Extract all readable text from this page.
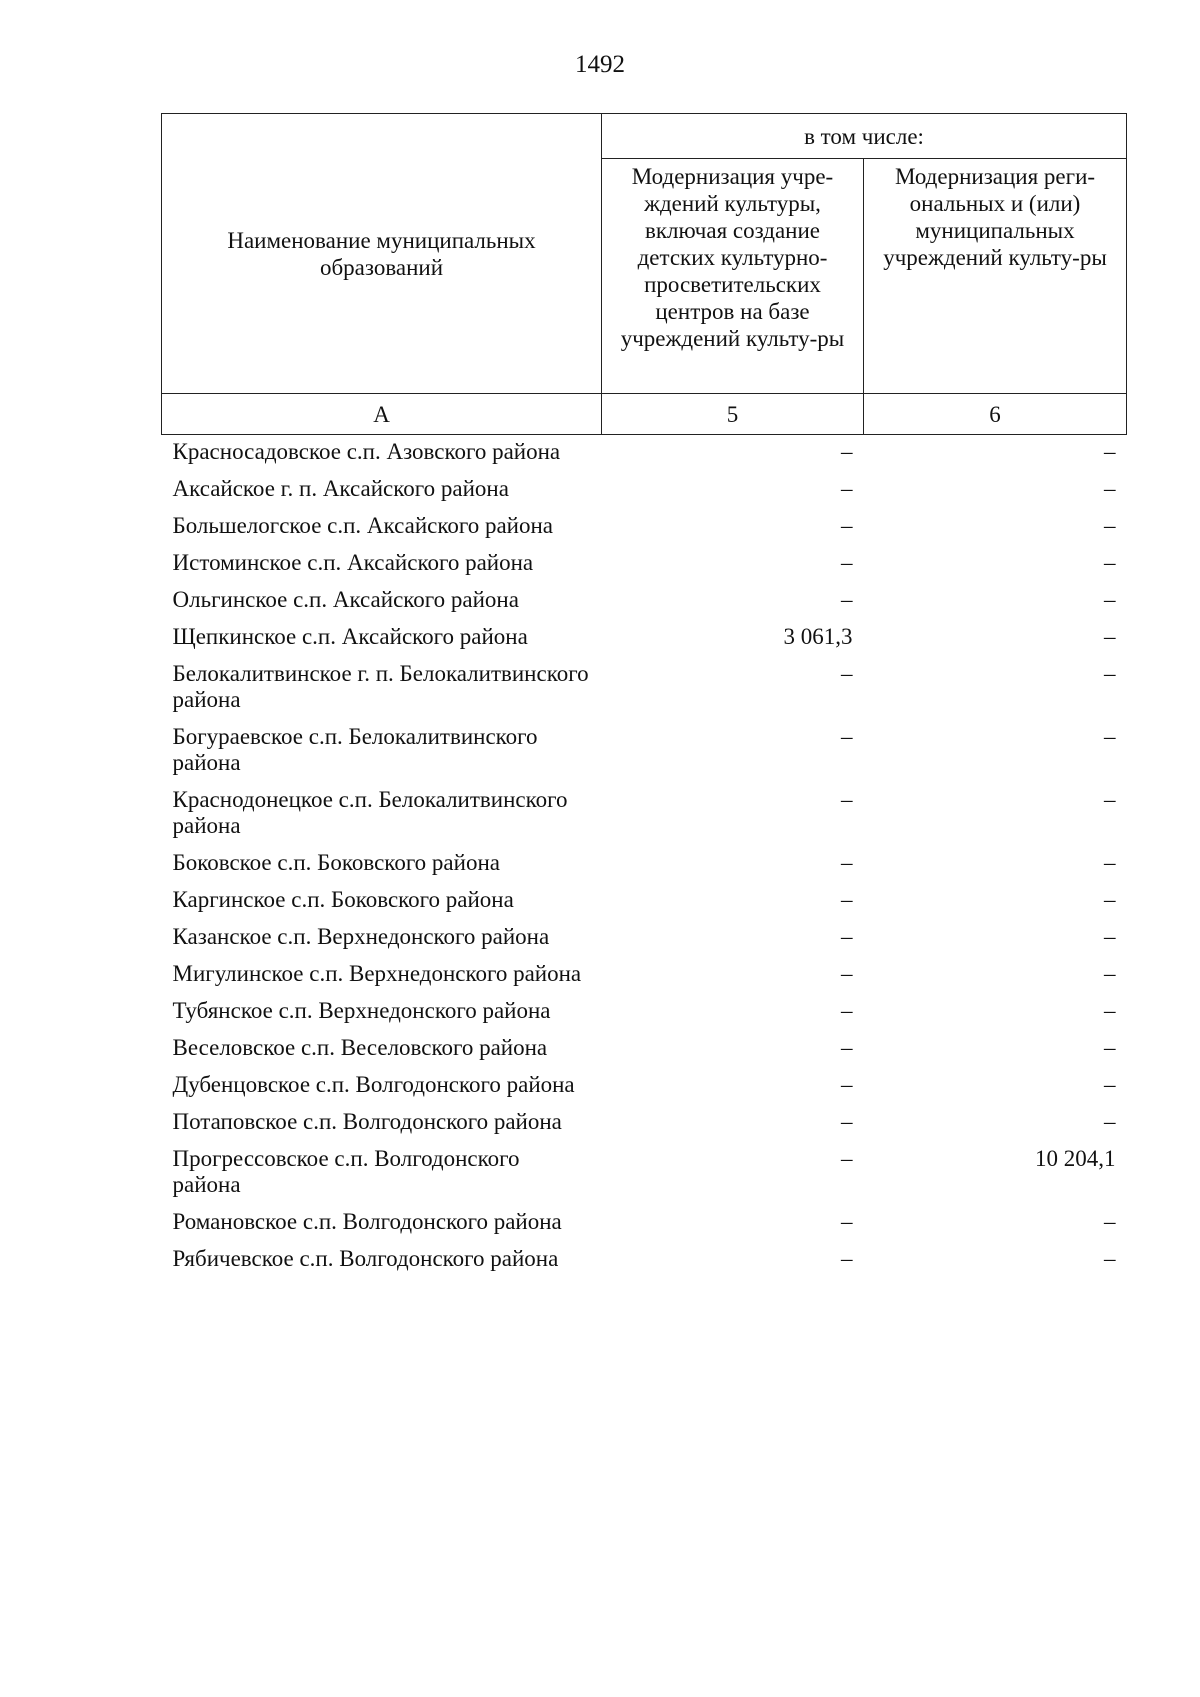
1492
Наименование муниципальных образований	в том числе:	
	Модернизация учре-ждений культуры, включая создание детских культурно-просветительских центров на базе учреждений культу-ры	Модернизация реги-ональных и (или) муниципальных учреждений культу-ры
А	5	6
Красносадовское с.п. Азовского района	–	–
Аксайское г. п. Аксайского района	–	–
Большелогское с.п. Аксайского района	–	–
Истоминское с.п. Аксайского района	–	–
Ольгинское с.п. Аксайского района	–	–
Щепкинское с.п. Аксайского района	3 061,3	–
Белокалитвинское г. п. Белокалитвинского района	–	–
Богураевское с.п. Белокалитвинского района	–	–
Краснодонецкое с.п. Белокалитвинского района	–	–
Боковское с.п. Боковского района	–	–
Каргинское с.п. Боковского района	–	–
Казанское с.п. Верхнедонского района	–	–
Мигулинское с.п. Верхнедонского района	–	–
Тубянское с.п. Верхнедонского района	–	–
Веселовское с.п. Веселовского района	–	–
Дубенцовское с.п. Волгодонского района	–	–
Потаповское с.п. Волгодонского района	–	–
Прогрессовское с.п. Волгодонского района	–	10 204,1
Романовское с.п. Волгодонского района	–	–
Рябичевское с.п. Волгодонского района	–	–
